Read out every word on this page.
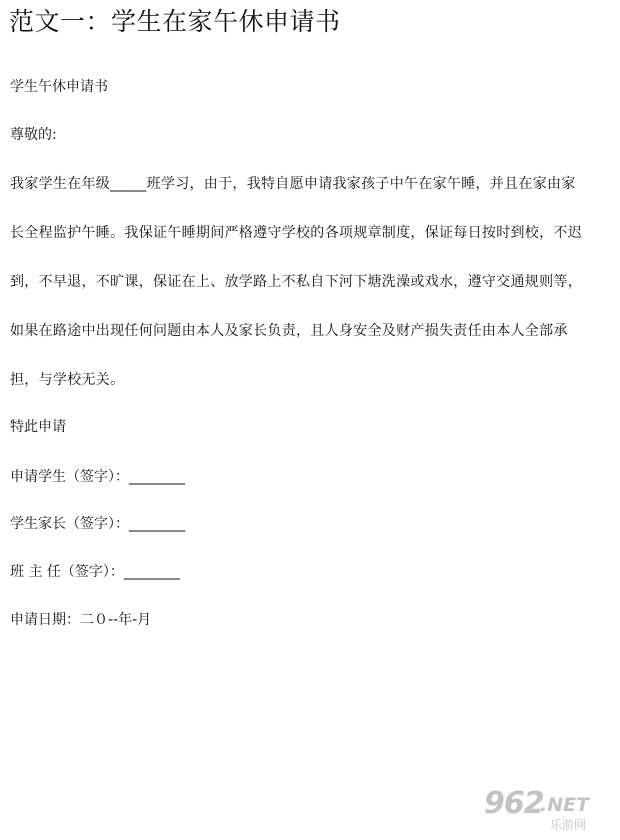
范文一：学生在家午休申请书

学生午休申请书

尊敬的:

我家学生在年级_____班学习，由于，我特自愿申请我家孩子中午在家午睡，并且在家由家

长全程监护午睡。我保证午睡期间严格遵守学校的各项规章制度，保证每日按时到校，不迟

到，不早退，不旷课，保证在上、放学路上不私自下河下塘洗澡或戏水，遵守交通规则等，

如果在路途中出现任何问题由本人及家长负责，且人身安全及财产损失责任由本人全部承

担，与学校无关。

特此申请

申请学生（签字）：________

学生家长（签字）：________

班 主 任（签字）：________

申请日期：二０--年-月

962
.NET
乐游网
